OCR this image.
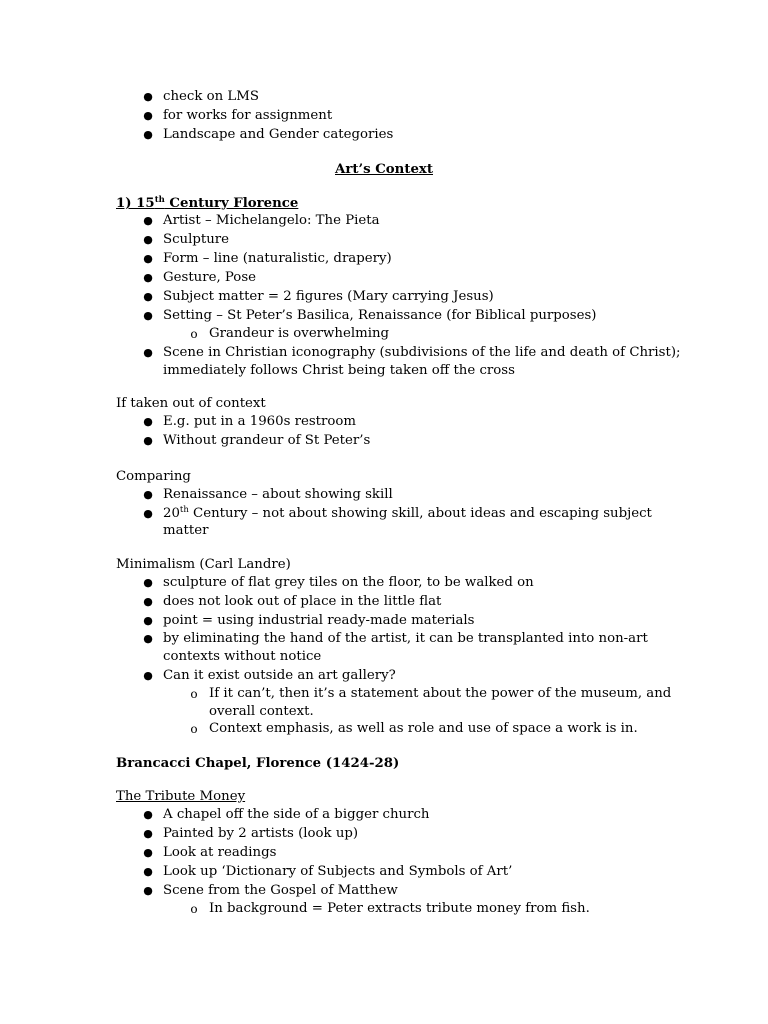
● check on LMS
● for works for assignment
● Landscape and Gender categories
Art’s Context
1) 15th Century Florence
● Artist – Michelangelo: The Pieta
● Sculpture
● Form – line (naturalistic, drapery)
● Gesture, Pose
● Subject matter = 2 figures (Mary carrying Jesus)
● Setting – St Peter’s Basilica, Renaissance (for Biblical purposes)
o Grandeur is overwhelming
● Scene in Christian iconography (subdivisions of the life and death of Christ);
immediately follows Christ being taken off the cross
If taken out of context
● E.g. put in a 1960s restroom
● Without grandeur of St Peter’s
Comparing
● Renaissance – about showing skill
● 20th Century – not about showing skill, about ideas and escaping subject
matter
Minimalism (Carl Landre)
● sculpture of flat grey tiles on the floor, to be walked on
● does not look out of place in the little flat
● point = using industrial ready-made materials
● by eliminating the hand of the artist, it can be transplanted into non-art
contexts without notice
● Can it exist outside an art gallery?
o If it can’t, then it’s a statement about the power of the museum, and
overall context.
o Context emphasis, as well as role and use of space a work is in.
Brancacci Chapel, Florence (1424-28)
The Tribute Money
● A chapel off the side of a bigger church
● Painted by 2 artists (look up)
● Look at readings
● Look up ‘Dictionary of Subjects and Symbols of Art’
● Scene from the Gospel of Matthew
o In background = Peter extracts tribute money from fish.
